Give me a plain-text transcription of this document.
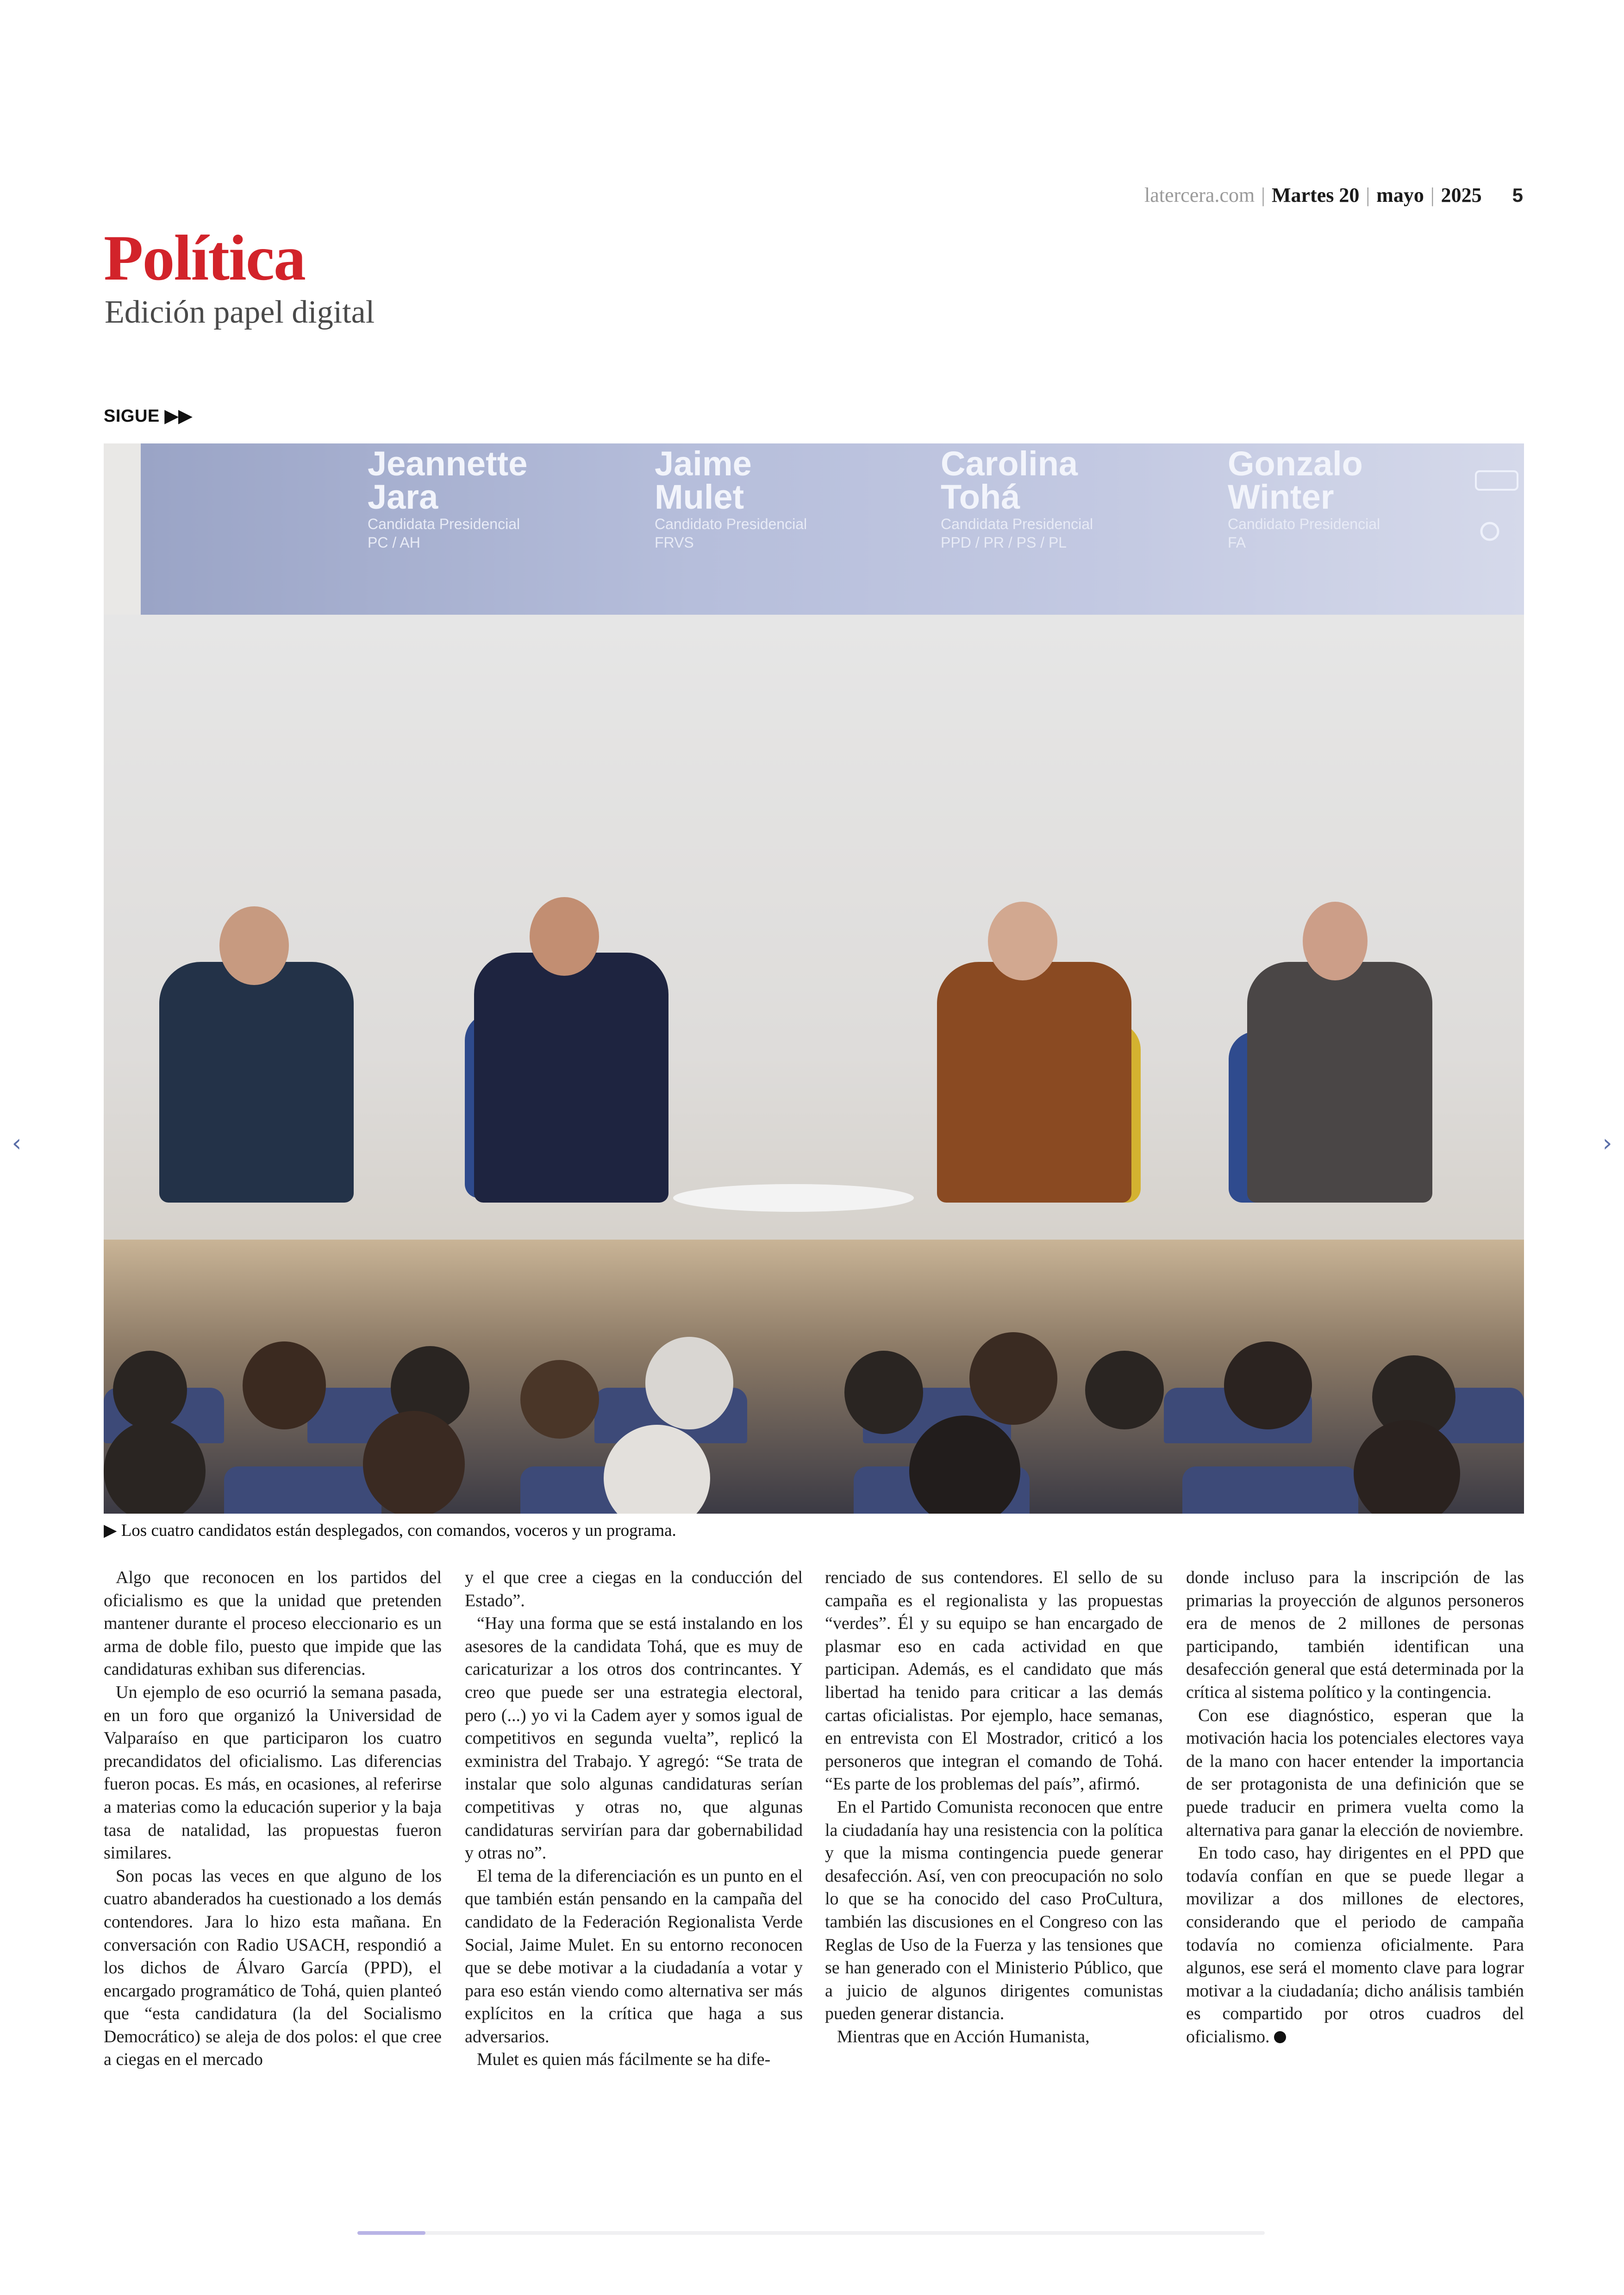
latercera.com | Martes 20 | mayo | 2025 5
Política
Edición papel digital
SIGUE ▶▶
Jeannette
Jara
Candidata Presidencial
PC / AH
Jaime
Mulet
Candidato Presidencial
FRVS
Carolina
Tohá
Candidata Presidencial
PPD / PR / PS / PL
Gonzalo
Winter
Candidato Presidencial
FA
▶ Los cuatro candidatos están desplegados, con comandos, voceros y un programa.

Algo que reconocen en los partidos del oficialismo es que la unidad que pretenden mantener durante el proceso eleccionario es un arma de doble filo, puesto que impide que las candidaturas exhiban sus diferencias.

Un ejemplo de eso ocurrió la semana pasada, en un foro que organizó la Universidad de Valparaíso en que participaron los cuatro precandidatos del oficialismo. Las diferencias fueron pocas. Es más, en ocasiones, al referirse a materias como la educación superior y la baja tasa de natalidad, las propuestas fueron similares.

Son pocas las veces en que alguno de los cuatro abanderados ha cuestionado a los demás contendores. Jara lo hizo esta mañana. En conversación con Radio USACH, respondió a los dichos de Álvaro García (PPD), el encargado programático de Tohá, quien planteó que “esta candidatura (la del Socialismo Democrático) se aleja de dos polos: el que cree a ciegas en el mercado

y el que cree a ciegas en la conducción del Estado”.

“Hay una forma que se está instalando en los asesores de la candidata Tohá, que es muy de caricaturizar a los otros dos contrincantes. Y creo que puede ser una estrategia electoral, pero (...) yo vi la Cadem ayer y somos igual de competitivos en segunda vuelta”, replicó la exministra del Trabajo. Y agregó: “Se trata de instalar que solo algunas candidaturas serían competitivas y otras no, que algunas candidaturas servirían para dar gobernabilidad y otras no”.

El tema de la diferenciación es un punto en el que también están pensando en la campaña del candidato de la Federación Regionalista Verde Social, Jaime Mulet. En su entorno reconocen que se debe motivar a la ciudadanía a votar y para eso están viendo como alternativa ser más explícitos en la crítica que haga a sus adversarios.

Mulet es quien más fácilmente se ha dife-

renciado de sus contendores. El sello de su campaña es el regionalista y las propuestas “verdes”. Él y su equipo se han encargado de plasmar eso en cada actividad en que participan. Además, es el candidato que más libertad ha tenido para criticar a las demás cartas oficialistas. Por ejemplo, hace semanas, en entrevista con El Mostrador, criticó a los personeros que integran el comando de Tohá. “Es parte de los problemas del país”, afirmó.

En el Partido Comunista reconocen que entre la ciudadanía hay una resistencia con la política y que la misma contingencia puede generar desafección. Así, ven con preocupación no solo lo que se ha conocido del caso ProCultura, también las discusiones en el Congreso con las Reglas de Uso de la Fuerza y las tensiones que se han generado con el Ministerio Público, que a juicio de algunos dirigentes comunistas pueden generar distancia.

Mientras que en Acción Humanista,

donde incluso para la inscripción de las primarias la proyección de algunos personeros era de menos de 2 millones de personas participando, también identifican una desafección general que está determinada por la crítica al sistema político y la contingencia.

Con ese diagnóstico, esperan que la motivación hacia los potenciales electores vaya de la mano con hacer entender la importancia de ser protagonista de una definición que se puede traducir en primera vuelta como la alternativa para ganar la elección de noviembre.

En todo caso, hay dirigentes en el PPD que todavía confían en que se puede llegar a movilizar a dos millones de electores, considerando que el periodo de campaña todavía no comienza oficialmente. Para algunos, ese será el momento clave para lograr motivar a la ciudadanía; dicho análisis también es compartido por otros cuadros del oficialismo.

‹	›
